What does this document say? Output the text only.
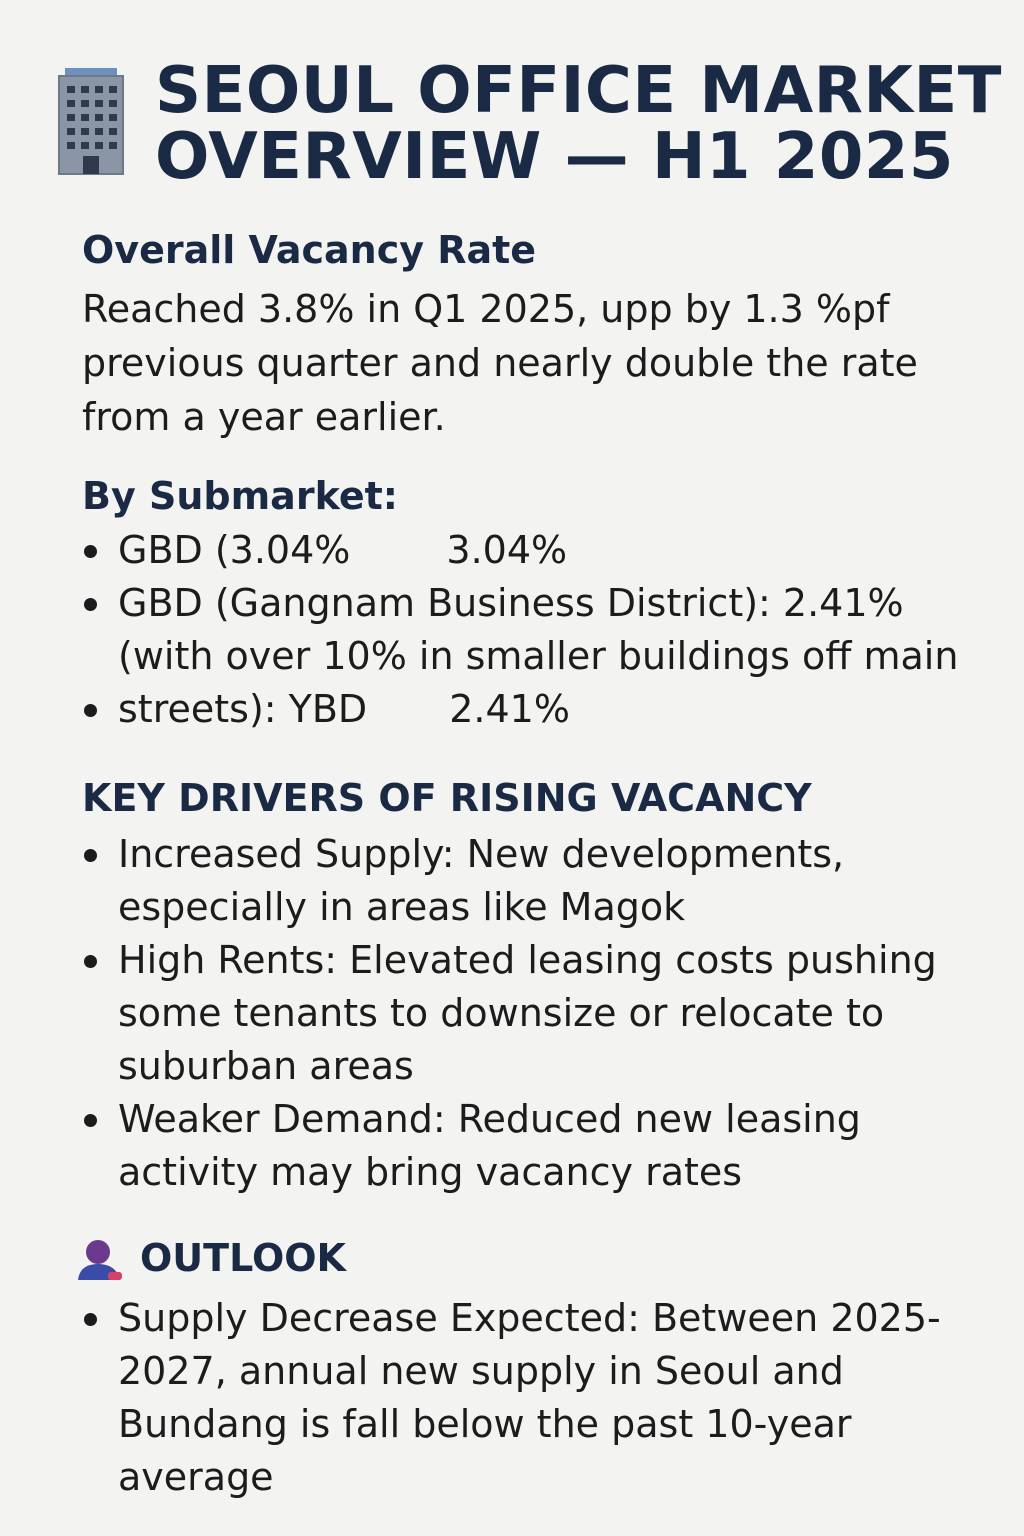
SEOUL OFFICE MARKET OVERVIEW — H1 2025
Overall Vacancy Rate

Reached 3.8% in Q1 2025, upp by 1.3 %pf previous quarter and nearly double the rate from a year earlier.

By Submarket:
GBD (3.04%	3.04%
GBD (Gangnam Business District): 2.41% (with over 10% in smaller buildings off main
streets): YBD 2.41%
KEY DRIVERS OF RISING VACANCY
Increased Supply: New developments, especially in areas like Magok
High Rents: Elevated leasing costs pushing some tenants to downsize or relocate to suburban areas
Weaker Demand: Reduced new leasing activity may bring vacancy rates
OUTLOOK
Supply Decrease Expected: Between 2025-2027, annual new supply in Seoul and Bundang is fall below the past 10-year average
